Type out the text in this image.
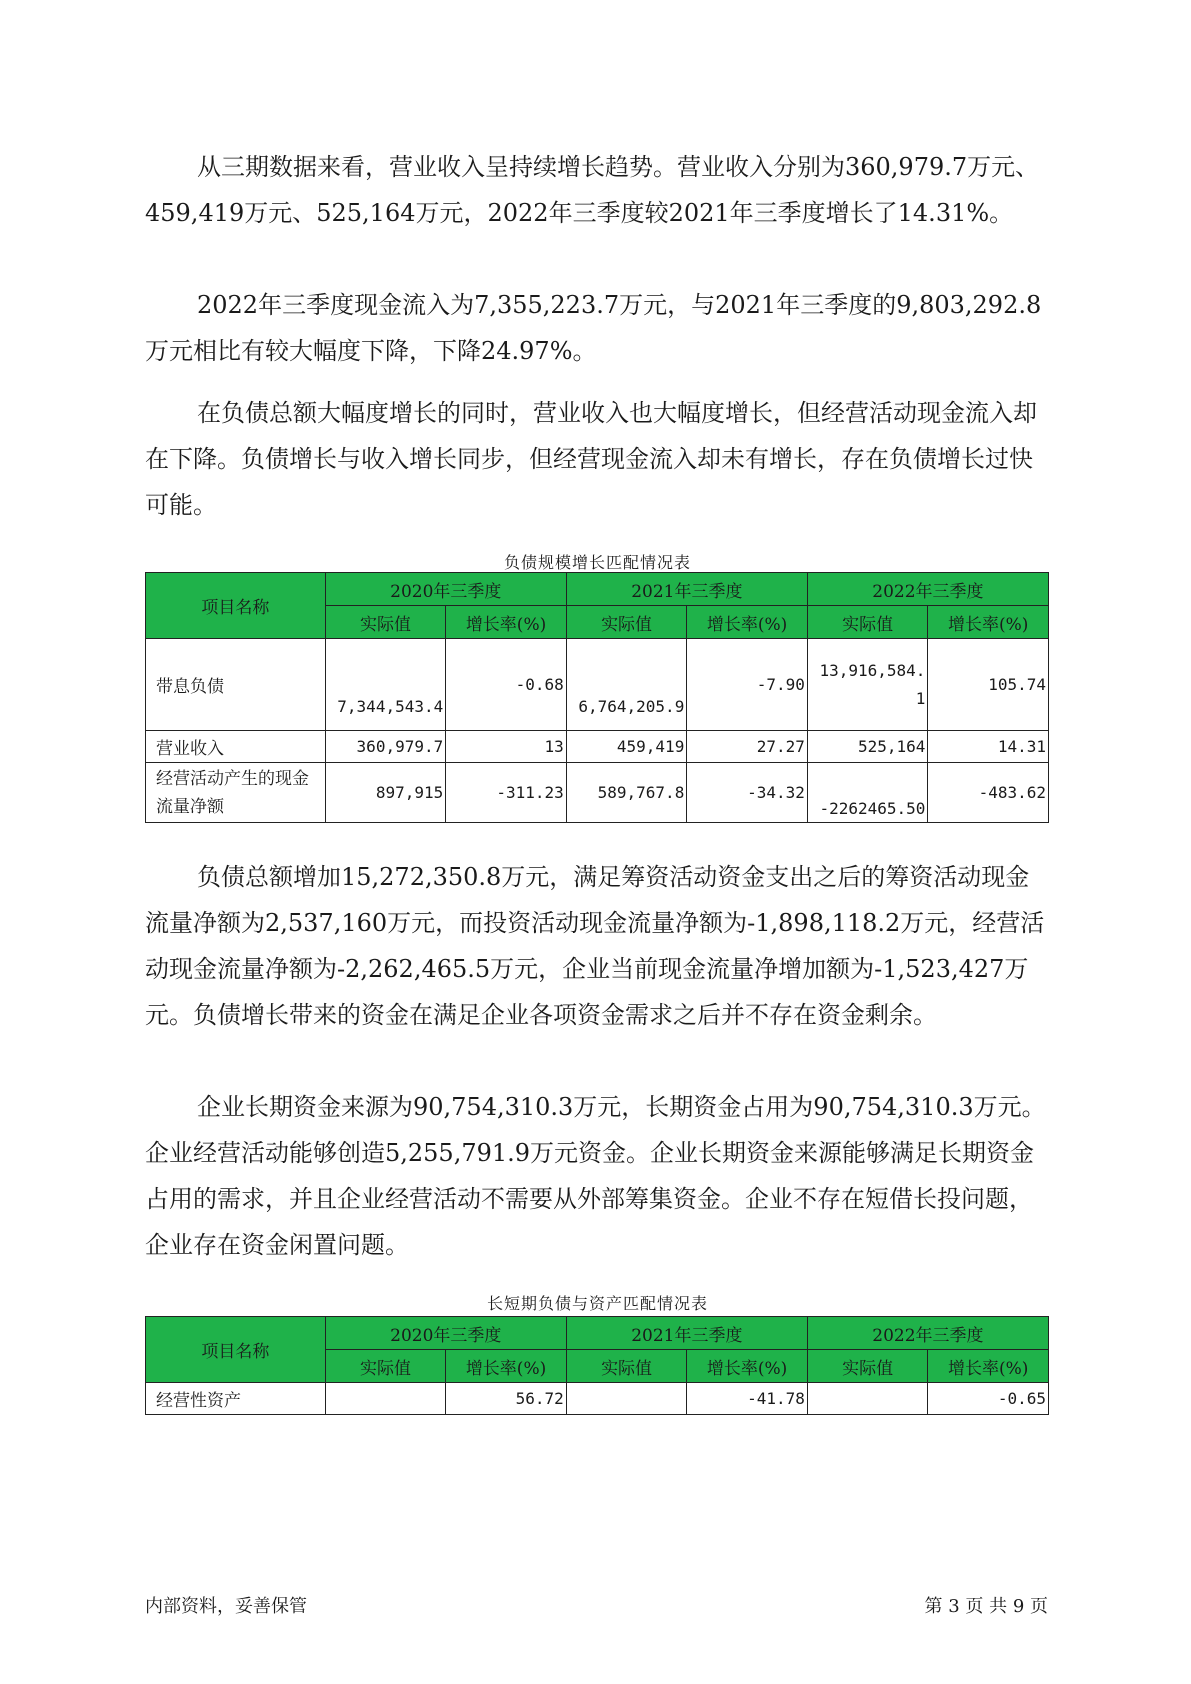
从三期数据来看，营业收入呈持续增长趋势。营业收入分别为360,979.7万元、459,419万元、525,164万元，2022年三季度较2021年三季度增长了14.31%。

2022年三季度现金流入为7,355,223.7万元，与2021年三季度的9,803,292.8万元相比有较大幅度下降，下降24.97%。

在负债总额大幅度增长的同时，营业收入也大幅度增长，但经营活动现金流入却在下降。负债增长与收入增长同步，但经营现金流入却未有增长，存在负债增长过快可能。

负债规模增长匹配情况表
项目名称	2020年三季度		2021年三季度		2022年三季度	
	实际值	增长率(%)	实际值	增长率(%)	实际值	增长率(%)
带息负债	7,344,543.4	-0.68	6,764,205.9	-7.90	13,916,584.1	105.74
营业收入	360,979.7	13	459,419	27.27	525,164	14.31
经营活动产生的现金流量净额	897,915	-311.23	589,767.8	-34.32	-2262465.50	-483.62

负债总额增加15,272,350.8万元，满足筹资活动资金支出之后的筹资活动现金流量净额为2,537,160万元，而投资活动现金流量净额为-1,898,118.2万元，经营活动现金流量净额为-2,262,465.5万元，企业当前现金流量净增加额为-1,523,427万元。负债增长带来的资金在满足企业各项资金需求之后并不存在资金剩余。

企业长期资金来源为90,754,310.3万元，长期资金占用为90,754,310.3万元。企业经营活动能够创造5,255,791.9万元资金。企业长期资金来源能够满足长期资金占用的需求，并且企业经营活动不需要从外部筹集资金。企业不存在短借长投问题，企业存在资金闲置问题。

长短期负债与资产匹配情况表
项目名称	2020年三季度		2021年三季度		2022年三季度	
	实际值	增长率(%)	实际值	增长率(%)	实际值	增长率(%)
经营性资产		56.72		-41.78		-0.65
内部资料，妥善保管	第 3 页 共 9 页
